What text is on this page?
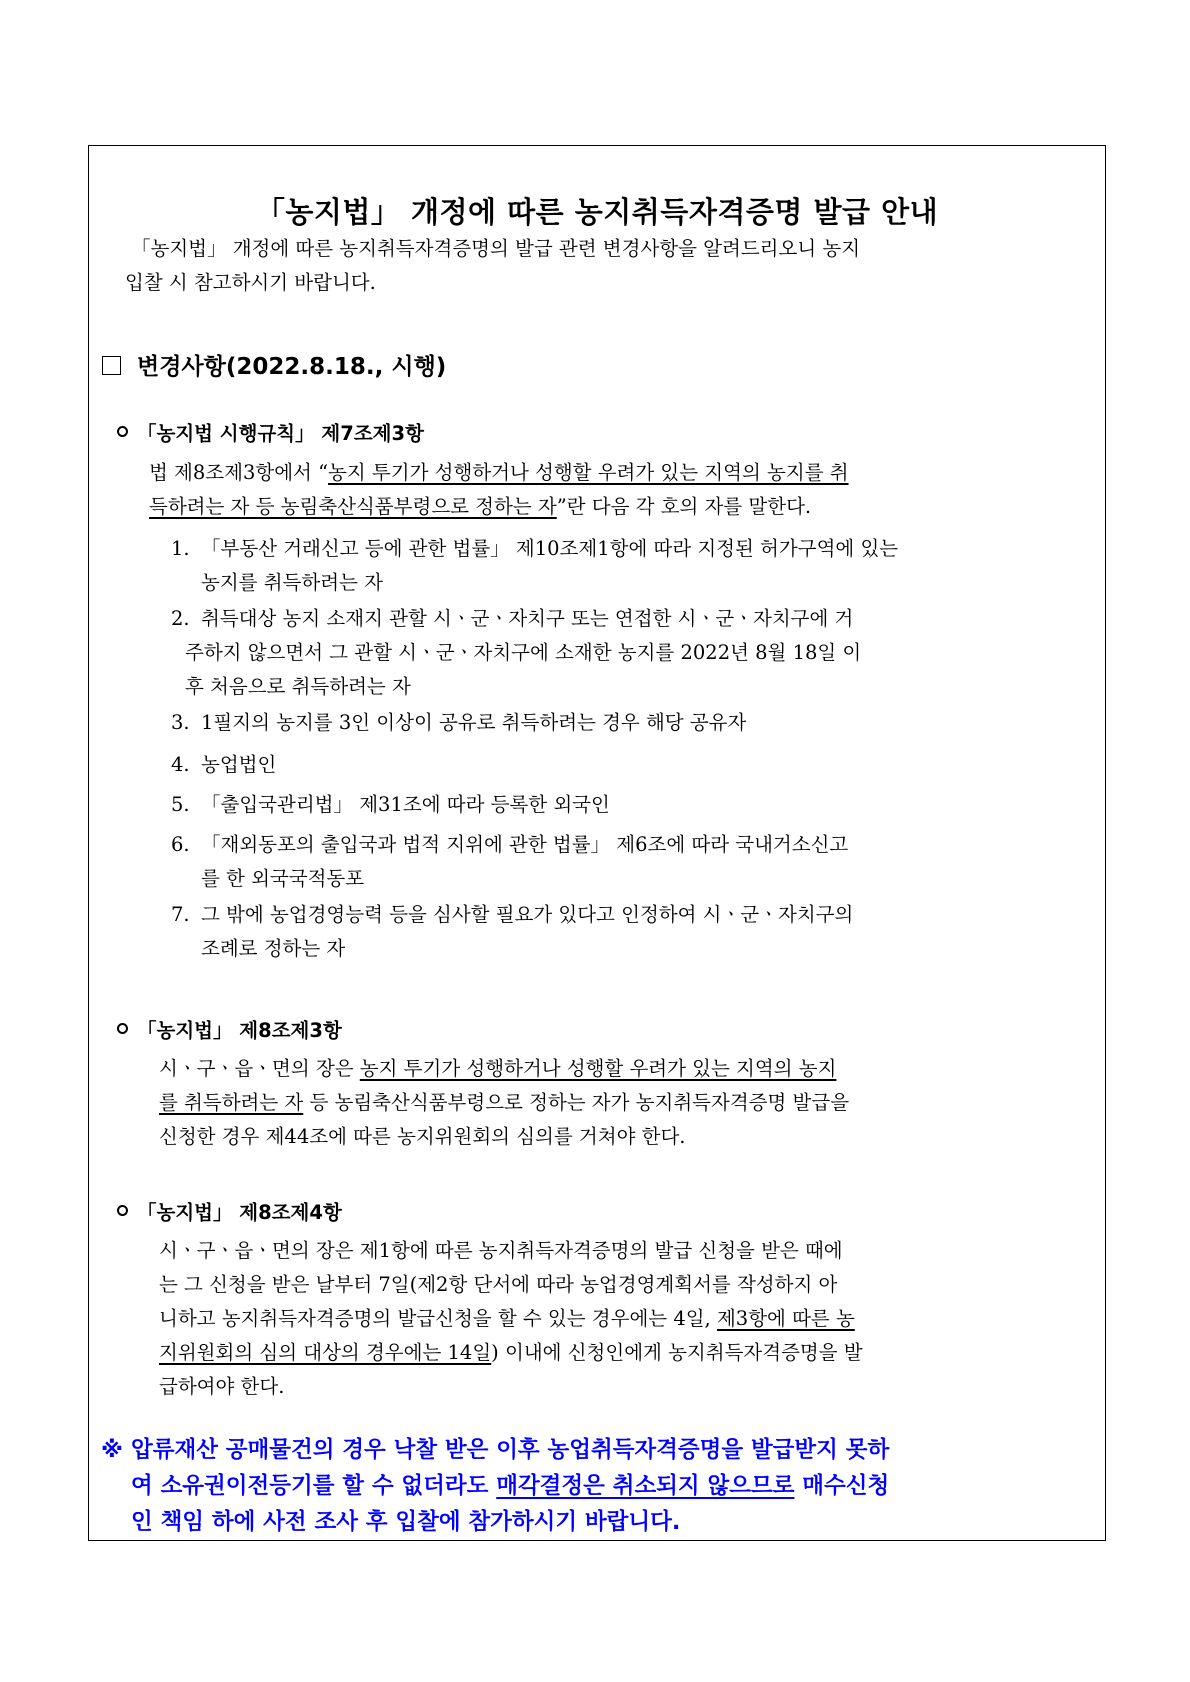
「농지법」 개정에 따른 농지취득자격증명 발급 안내
「농지법」 개정에 따른 농지취득자격증명의 발급 관련 변경사항을 알려드리오니 농지
입찰 시 참고하시기 바랍니다.
변경사항(2022.8.18., 시행)
「농지법 시행규칙」 제7조제3항
법 제8조제3항에서 “농지 투기가 성행하거나 성행할 우려가 있는 지역의 농지를 취
득하려는 자 등 농림축산식품부령으로 정하는 자”란 다음 각 호의 자를 말한다.
1. 「부동산 거래신고 등에 관한 법률」 제10조제1항에 따라 지정된 허가구역에 있는
농지를 취득하려는 자
2. 취득대상 농지 소재지 관할 시ㆍ군ㆍ자치구 또는 연접한 시ㆍ군ㆍ자치구에 거
주하지 않으면서 그 관할 시ㆍ군ㆍ자치구에 소재한 농지를 2022년 8월 18일 이
후 처음으로 취득하려는 자
3. 1필지의 농지를 3인 이상이 공유로 취득하려는 경우 해당 공유자
4. 농업법인
5. 「출입국관리법」 제31조에 따라 등록한 외국인
6. 「재외동포의 출입국과 법적 지위에 관한 법률」 제6조에 따라 국내거소신고
를 한 외국국적동포
7. 그 밖에 농업경영능력 등을 심사할 필요가 있다고 인정하여 시ㆍ군ㆍ자치구의
조례로 정하는 자
「농지법」 제8조제3항
시ㆍ구ㆍ읍ㆍ면의 장은 농지 투기가 성행하거나 성행할 우려가 있는 지역의 농지
를 취득하려는 자 등 농림축산식품부령으로 정하는 자가 농지취득자격증명 발급을
신청한 경우 제44조에 따른 농지위원회의 심의를 거쳐야 한다.
「농지법」 제8조제4항
시ㆍ구ㆍ읍ㆍ면의 장은 제1항에 따른 농지취득자격증명의 발급 신청을 받은 때에
는 그 신청을 받은 날부터 7일(제2항 단서에 따라 농업경영계획서를 작성하지 아
니하고 농지취득자격증명의 발급신청을 할 수 있는 경우에는 4일, 제3항에 따른 농
지위원회의 심의 대상의 경우에는 14일) 이내에 신청인에게 농지취득자격증명을 발
급하여야 한다.
※ 압류재산 공매물건의 경우 낙찰 받은 이후 농업취득자격증명을 발급받지 못하
여 소유권이전등기를 할 수 없더라도 매각결정은 취소되지 않으므로 매수신청
인 책임 하에 사전 조사 후 입찰에 참가하시기 바랍니다.
